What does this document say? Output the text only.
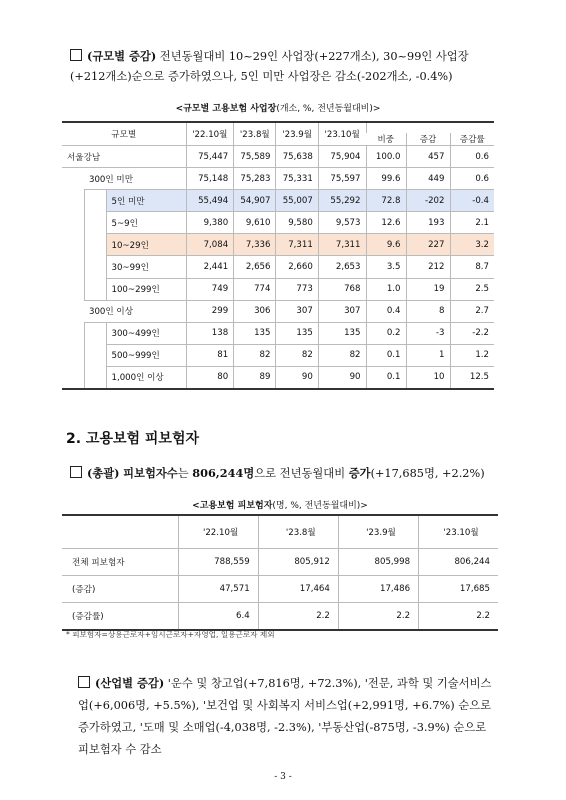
(규모별 증감) 전년동월대비 10~29인 사업장(+227개소), 30~99인 사업장(+212개소)순으로 증가하였으나, 5인 미만 사업장은 감소(-202개소, -0.4%)
<규모별 고용보험 사업장(개소, %, 전년동월대비)>
규모별			'22.10월	'23.8월	'23.9월	'23.10월			
							비중	증감	증감률
서울강남			75,447	75,589	75,638	75,904	100.0	457	0.6
	300인 미만		75,148	75,283	75,331	75,597	99.6	449	0.6
		5인 미만	55,494	54,907	55,007	55,292	72.8	-202	-0.4
		5~9인	9,380	9,610	9,580	9,573	12.6	193	2.1
		10~29인	7,084	7,336	7,311	7,311	9.6	227	3.2
		30~99인	2,441	2,656	2,660	2,653	3.5	212	8.7
		100~299인	749	774	773	768	1.0	19	2.5
	300인 이상		299	306	307	307	0.4	8	2.7
		300~499인	138	135	135	135	0.2	-3	-2.2
		500~999인	81	82	82	82	0.1	1	1.2
		1,000인 이상	80	89	90	90	0.1	10	12.5
2. 고용보험 피보험자
(총괄) 피보험자수는 806,244명으로 전년동월대비 증가(+17,685명, +2.2%)
<고용보험 피보험자(명, %, 전년동월대비)>
	'22.10월	'23.8월	'23.9월	'23.10월
전체 피보험자	788,559	805,912	805,998	806,244
(증감)	47,571	17,464	17,486	17,685
(증감률)	6.4	2.2	2.2	2.2
* 피보험자=상용근로자+임시근로자+자영업, 일용근로자 제외
(산업별 증감) '운수 및 창고업(+7,816명, +72.3%), '전문, 과학 및 기술서비스업(+6,006명, +5.5%), '보건업 및 사회복지 서비스업(+2,991명, +6.7%) 순으로 증가하였고, '도매 및 소매업(-4,038명, -2.3%), '부동산업(-875명, -3.9%) 순으로 피보험자 수 감소
- 3 -
